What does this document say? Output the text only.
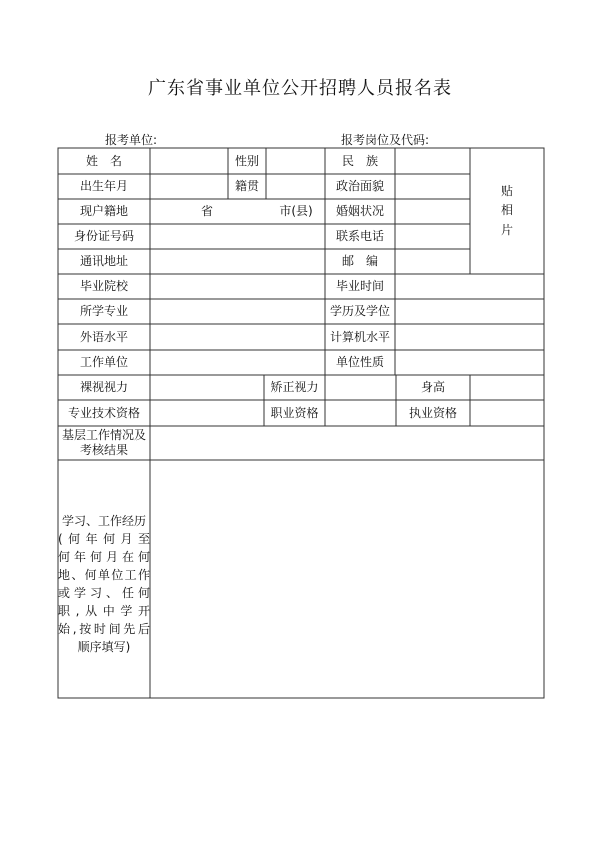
广东省事业单位公开招聘人员报名表
报考单位:	报考岗位及代码:
姓　名	性别	民　族
出生年月	籍贯	政治面貌
现户籍地	省	市(县)	婚姻状况
身份证号码	联系电话
通讯地址	邮　编
贴
相
片
毕业院校	毕业时间
所学专业	学历及学位
外语水平	计算机水平
工作单位	单位性质
裸视视力	矫正视力	身高
专业技术资格	职业资格	执业资格
基层工作情况及
考核结果
学习、工作经历
(何年何月至
何年何月在何
地、何单位工作
或学习、任何
职,从中学开
始,按时间先后
顺序填写)
